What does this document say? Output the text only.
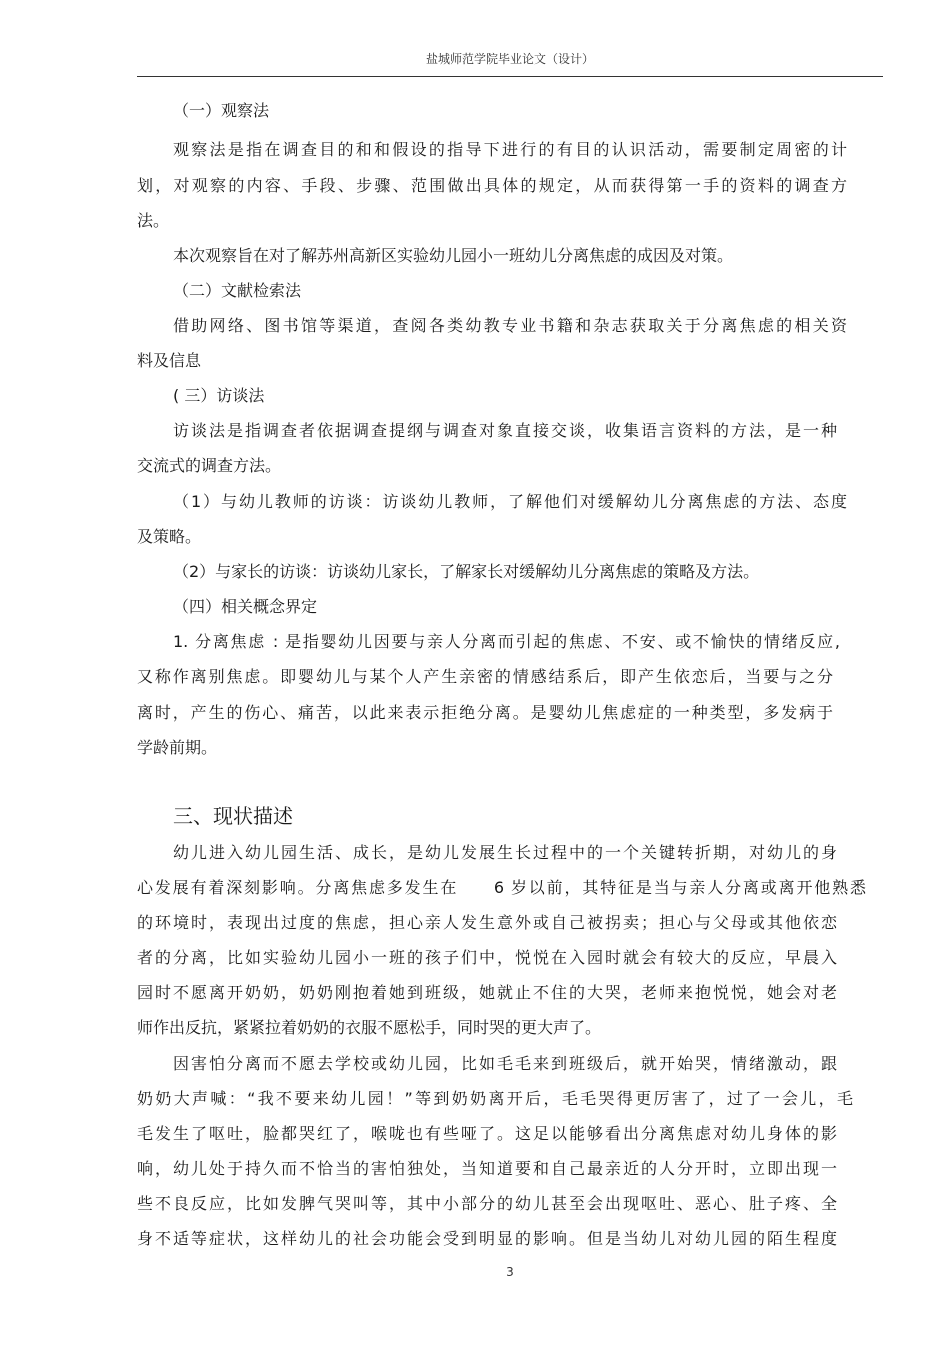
盐城师范学院毕业论文（设计）
（一）观察法
观察法是指在调查目的和和假设的指导下进行的有目的认识活动，需要制定周密的计
划，对观察的内容、手段、步骤、范围做出具体的规定，从而获得第一手的资料的调查方
法。
本次观察旨在对了解苏州高新区实验幼儿园小一班幼儿分离焦虑的成因及对策。
（二）文献检索法
借助网络、图书馆等渠道，查阅各类幼教专业书籍和杂志获取关于分离焦虑的相关资
料及信息
( 三）访谈法
访谈法是指调查者依据调查提纲与调查对象直接交谈，收集语言资料的方法，是一种
交流式的调查方法。
（1）与幼儿教师的访谈：访谈幼儿教师，了解他们对缓解幼儿分离焦虑的方法、态度
及策略。
（2）与家长的访谈：访谈幼儿家长，了解家长对缓解幼儿分离焦虑的策略及方法。
（四）相关概念界定
1. 分离焦虑 : 是指婴幼儿因要与亲人分离而引起的焦虑、不安、或不愉快的情绪反应,
又称作离别焦虑。即婴幼儿与某个人产生亲密的情感结系后，即产生依恋后，当要与之分
离时，产生的伤心、痛苦，以此来表示拒绝分离。是婴幼儿焦虑症的一种类型，多发病于
学龄前期。
三、现状描述
幼儿进入幼儿园生活、成长，是幼儿发展生长过程中的一个关键转折期，对幼儿的身
心发展有着深刻影响。分离焦虑多发生在　　6 岁以前，其特征是当与亲人分离或离开他熟悉
的环境时，表现出过度的焦虑，担心亲人发生意外或自己被拐卖；担心与父母或其他依恋
者的分离，比如实验幼儿园小一班的孩子们中，悦悦在入园时就会有较大的反应，早晨入
园时不愿离开奶奶，奶奶刚抱着她到班级，她就止不住的大哭，老师来抱悦悦，她会对老
师作出反抗，紧紧拉着奶奶的衣服不愿松手，同时哭的更大声了。
因害怕分离而不愿去学校或幼儿园，比如毛毛来到班级后，就开始哭，情绪激动，跟
奶奶大声喊：“我不要来幼儿园！”等到奶奶离开后，毛毛哭得更厉害了，过了一会儿，毛
毛发生了呕吐，脸都哭红了，喉咙也有些哑了。这足以能够看出分离焦虑对幼儿身体的影
响，幼儿处于持久而不恰当的害怕独处，当知道要和自己最亲近的人分开时，立即出现一
些不良反应，比如发脾气哭叫等，其中小部分的幼儿甚至会出现呕吐、恶心、肚子疼、全
身不适等症状，这样幼儿的社会功能会受到明显的影响。但是当幼儿对幼儿园的陌生程度
3
